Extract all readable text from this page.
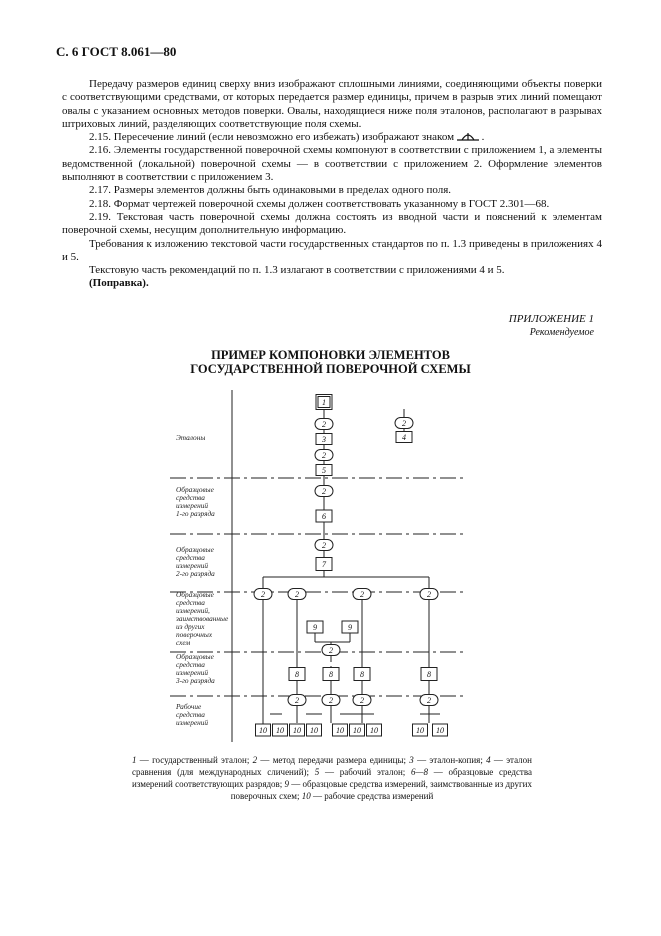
С. 6 ГОСТ 8.061—80

Передачу размеров единиц сверху вниз изображают сплошными линиями, соединяющими объекты поверки с соответствующими средствами, от которых передается размер единицы, причем в разрыв этих линий помещают овалы с указанием основных методов поверки. Овалы, находящиеся ниже поля эталонов, располагают в разрывах штриховых линий, разделяющих соответствующие поля схемы.

2.15. Пересечение линий (если невозможно его избежать) изображают знаком  .

2.16. Элементы государственной поверочной схемы компонуют в соответствии с приложением 1, а элементы ведомственной (локальной) поверочной схемы — в соответствии с приложением 2. Оформление элементов выполняют в соответствии с приложением 3.

2.17. Размеры элементов должны быть одинаковыми в пределах одного поля.

2.18. Формат чертежей поверочной схемы должен соответствовать указанному в ГОСТ 2.301—68.

2.19. Текстовая часть поверочной схемы должна состоять из вводной части и пояснений к элементам поверочной схемы, несущим дополнительную информацию.

Требования к изложению текстовой части государственных стандартов по п. 1.3 приведены в приложениях 4 и 5.

Текстовую часть рекомендаций по п. 1.3 излагают в соответствии с приложениями 4 и 5.

(Поправка).

ПРИЛОЖЕНИЕ 1
Рекомендуемое
ПРИМЕР КОМПОНОВКИ ЭЛЕМЕНТОВ
ГОСУДАРСТВЕННОЙ ПОВЕРОЧНОЙ СХЕМЫ
Эталоны
Образцовые средства измерений 1-го разряда
Образцовые средства измерений 2-го разряда
Образцовые средства измерений, заимствованные из других поверочных схем
Образцовые средства измерений 3-го разряда
Рабочие средства измерений
1
2
3
2
5
2
6
2
7
2
4
2	2	2	2
9	9
2
8	8	8	8
2	2	2	2
10 10 10 10 10 10 10	10 10
1 — государственный эталон; 2 — метод передачи размера единицы; 3 — эталон-копия; 4 — эталон сравнения (для международных сличений); 5 — рабочий эталон; 6—8 — образцовые средства измерений соответствующих разрядов; 9 — образцовые средства измерений, заимствованные из других поверочных схем; 10 — рабочие средства измерений
